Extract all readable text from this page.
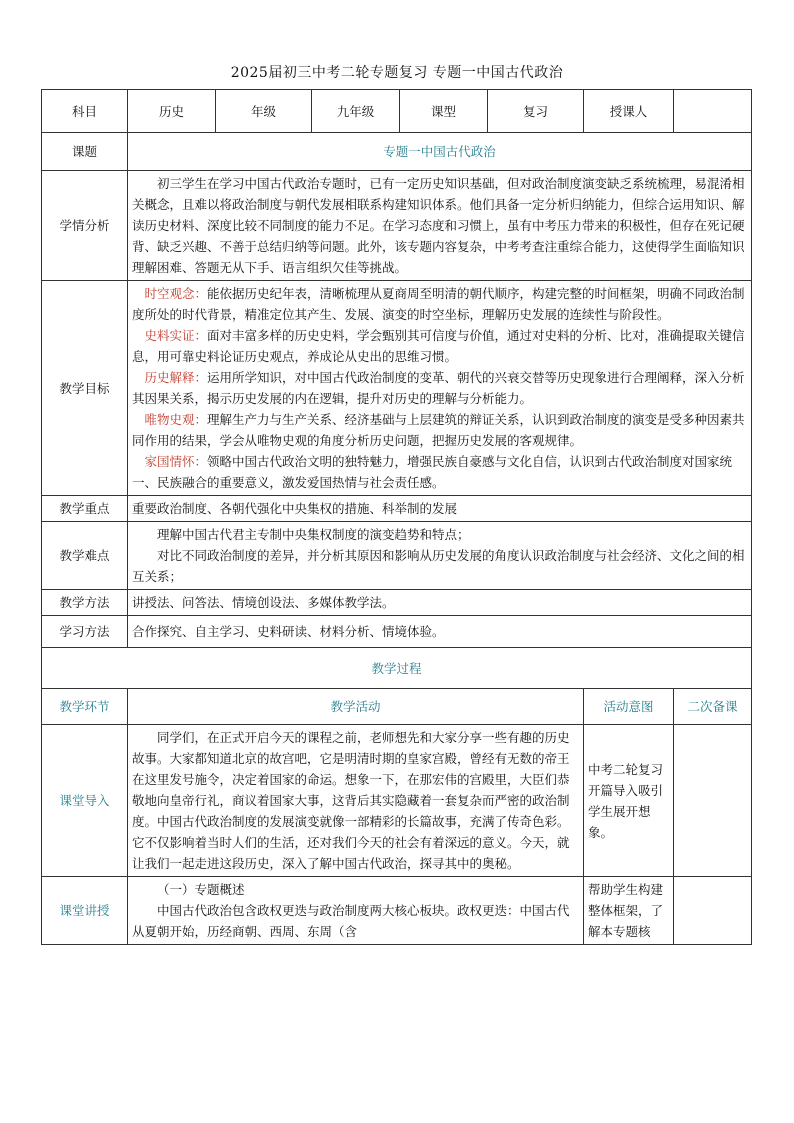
2025届初三中考二轮专题复习 专题一中国古代政治
科目	历史	年级	九年级	课型	复习	授课人	
课题	专题一中国古代政治						
学情分析	初三学生在学习中国古代政治专题时，已有一定历史知识基础，但对政治制度演变缺乏系统梳理，易混淆相关概念，且难以将政治制度与朝代发展相联系构建知识体系。他们具备一定分析归纳能力，但综合运用知识、解读历史材料、深度比较不同制度的能力不足。在学习态度和习惯上，虽有中考压力带来的积极性，但存在死记硬背、缺乏兴趣、不善于总结归纳等问题。此外，该专题内容复杂，中考考查注重综合能力，这使得学生面临知识理解困难、答题无从下手、语言组织欠佳等挑战。						

教学目标	时空观念：能依据历史纪年表，清晰梳理从夏商周至明清的朝代顺序，构建完整的时间框架，明确不同政治制度所处的时代背景，精准定位其产生、发展、演变的时空坐标，理解历史发展的连续性与阶段性。

史料实证：面对丰富多样的历史史料，学会甄别其可信度与价值，通过对史料的分析、比对，准确提取关键信息，用可靠史料论证历史观点，养成论从史出的思维习惯。

历史解释：运用所学知识，对中国古代政治制度的变革、朝代的兴衰交替等历史现象进行合理阐释，深入分析其因果关系，揭示历史发展的内在逻辑，提升对历史的理解与分析能力。

唯物史观：理解生产力与生产关系、经济基础与上层建筑的辩证关系，认识到政治制度的演变是受多种因素共同作用的结果，学会从唯物史观的角度分析历史问题，把握历史发展的客观规律。

家国情怀：领略中国古代政治文明的独特魅力，增强民族自豪感与文化自信，认识到古代政治制度对国家统一、民族融合的重要意义，激发爱国热情与社会责任感。						

教学重点	重要政治制度、各朝代强化中央集权的措施、科举制的发展						
教学难点	理解中国古代君主专制中央集权制度的演变趋势和特点；

对比不同政治制度的差异，并分析其原因和影响从历史发展的角度认识政治制度与社会经济、文化之间的相互关系；						

教学方法	讲授法、问答法、情境创设法、多媒体教学法。						
学习方法	合作探究、自主学习、史料研读、材料分析、情境体验。						
教学过程							
教学环节	教学活动					活动意图	二次备课
课堂导入	同学们，在正式开启今天的课程之前，老师想先和大家分享一些有趣的历史故事。大家都知道北京的故宫吧，它是明清时期的皇家宫殿，曾经有无数的帝王在这里发号施令，决定着国家的命运。想象一下，在那宏伟的宫殿里，大臣们恭敬地向皇帝行礼，商议着国家大事，这背后其实隐藏着一套复杂而严密的政治制度。中国古代政治制度的发展演变就像一部精彩的长篇故事，充满了传奇色彩。它不仅影响着当时人们的生活，还对我们今天的社会有着深远的意义。今天，就让我们一起走进这段历史，深入了解中国古代政治，探寻其中的奥秘。					中考二轮复习开篇导入吸引学生展开想象。	
课堂讲授	（一）专题概述

中国古代政治包含政权更迭与政治制度两大核心板块。政权更迭：中国古代从夏朝开始，历经商朝、西周、东周（含					帮助学生构建整体框架，了解本专题核	
